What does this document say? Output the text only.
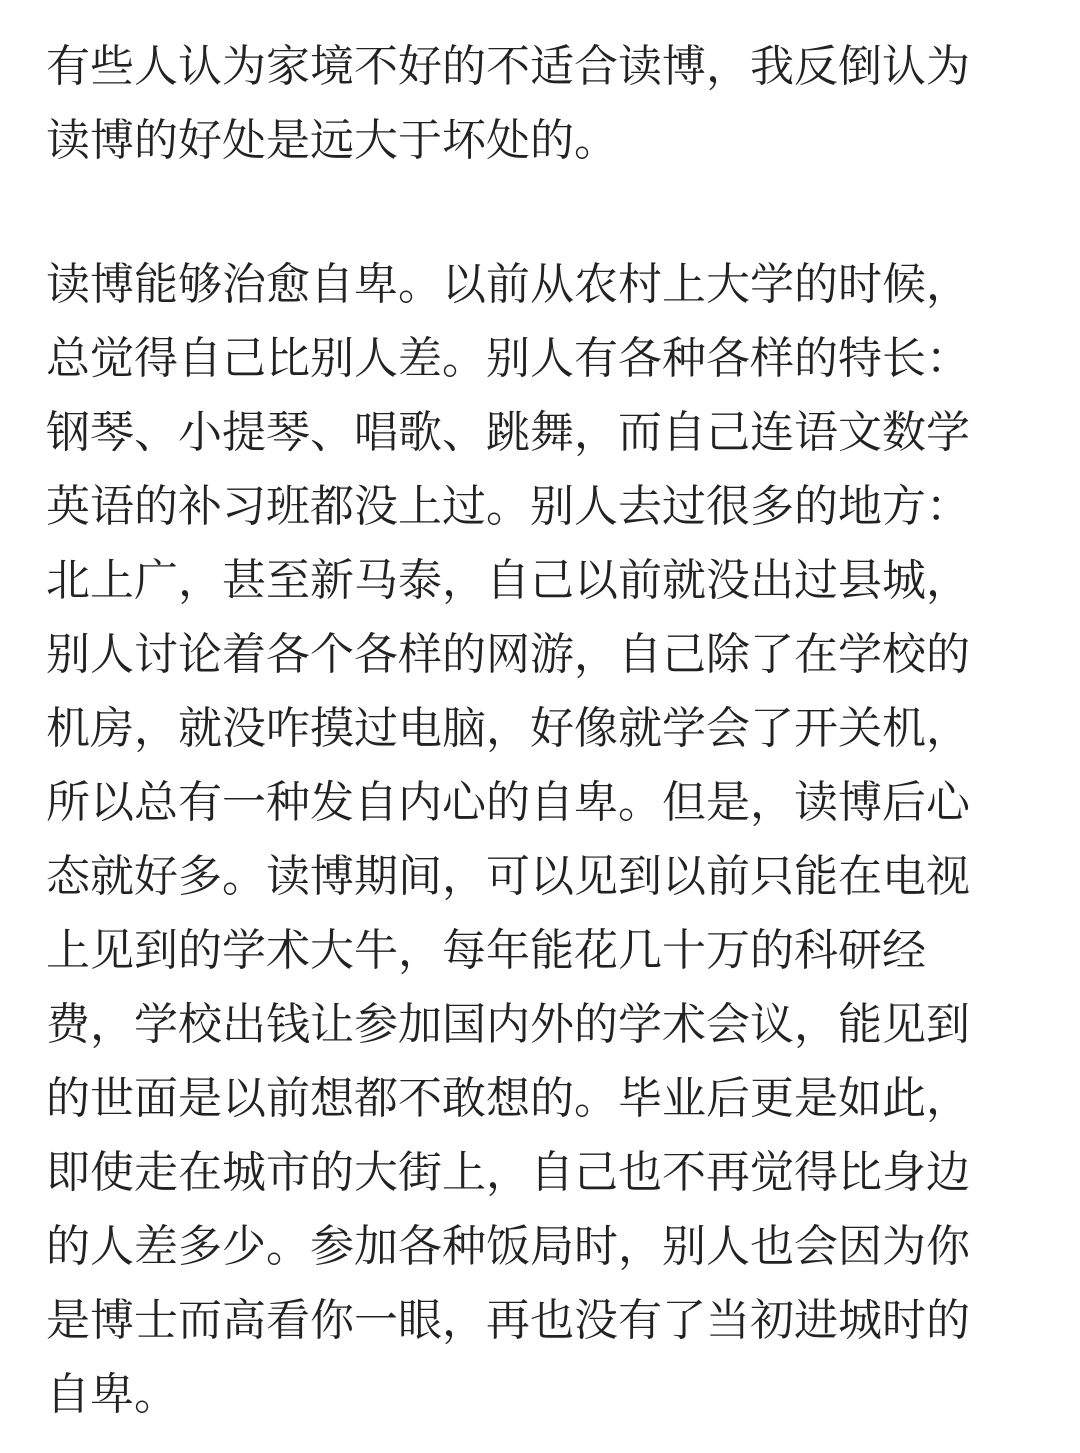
有些人认为家境不好的不适合读博，我反倒认为
读博的好处是远大于坏处的。

读博能够治愈自卑。以前从农村上大学的时候，
总觉得自己比别人差。别人有各种各样的特长：
钢琴、小提琴、唱歌、跳舞，而自己连语文数学
英语的补习班都没上过。别人去过很多的地方：
北上广，甚至新马泰，自己以前就没出过县城，
别人讨论着各个各样的网游，自己除了在学校的
机房，就没咋摸过电脑，好像就学会了开关机，
所以总有一种发自内心的自卑。但是，读博后心
态就好多。读博期间，可以见到以前只能在电视
上见到的学术大牛，每年能花几十万的科研经
费，学校出钱让参加国内外的学术会议，能见到
的世面是以前想都不敢想的。毕业后更是如此，
即使走在城市的大街上，自己也不再觉得比身边
的人差多少。参加各种饭局时，别人也会因为你
是博士而高看你一眼，再也没有了当初进城时的
自卑。
